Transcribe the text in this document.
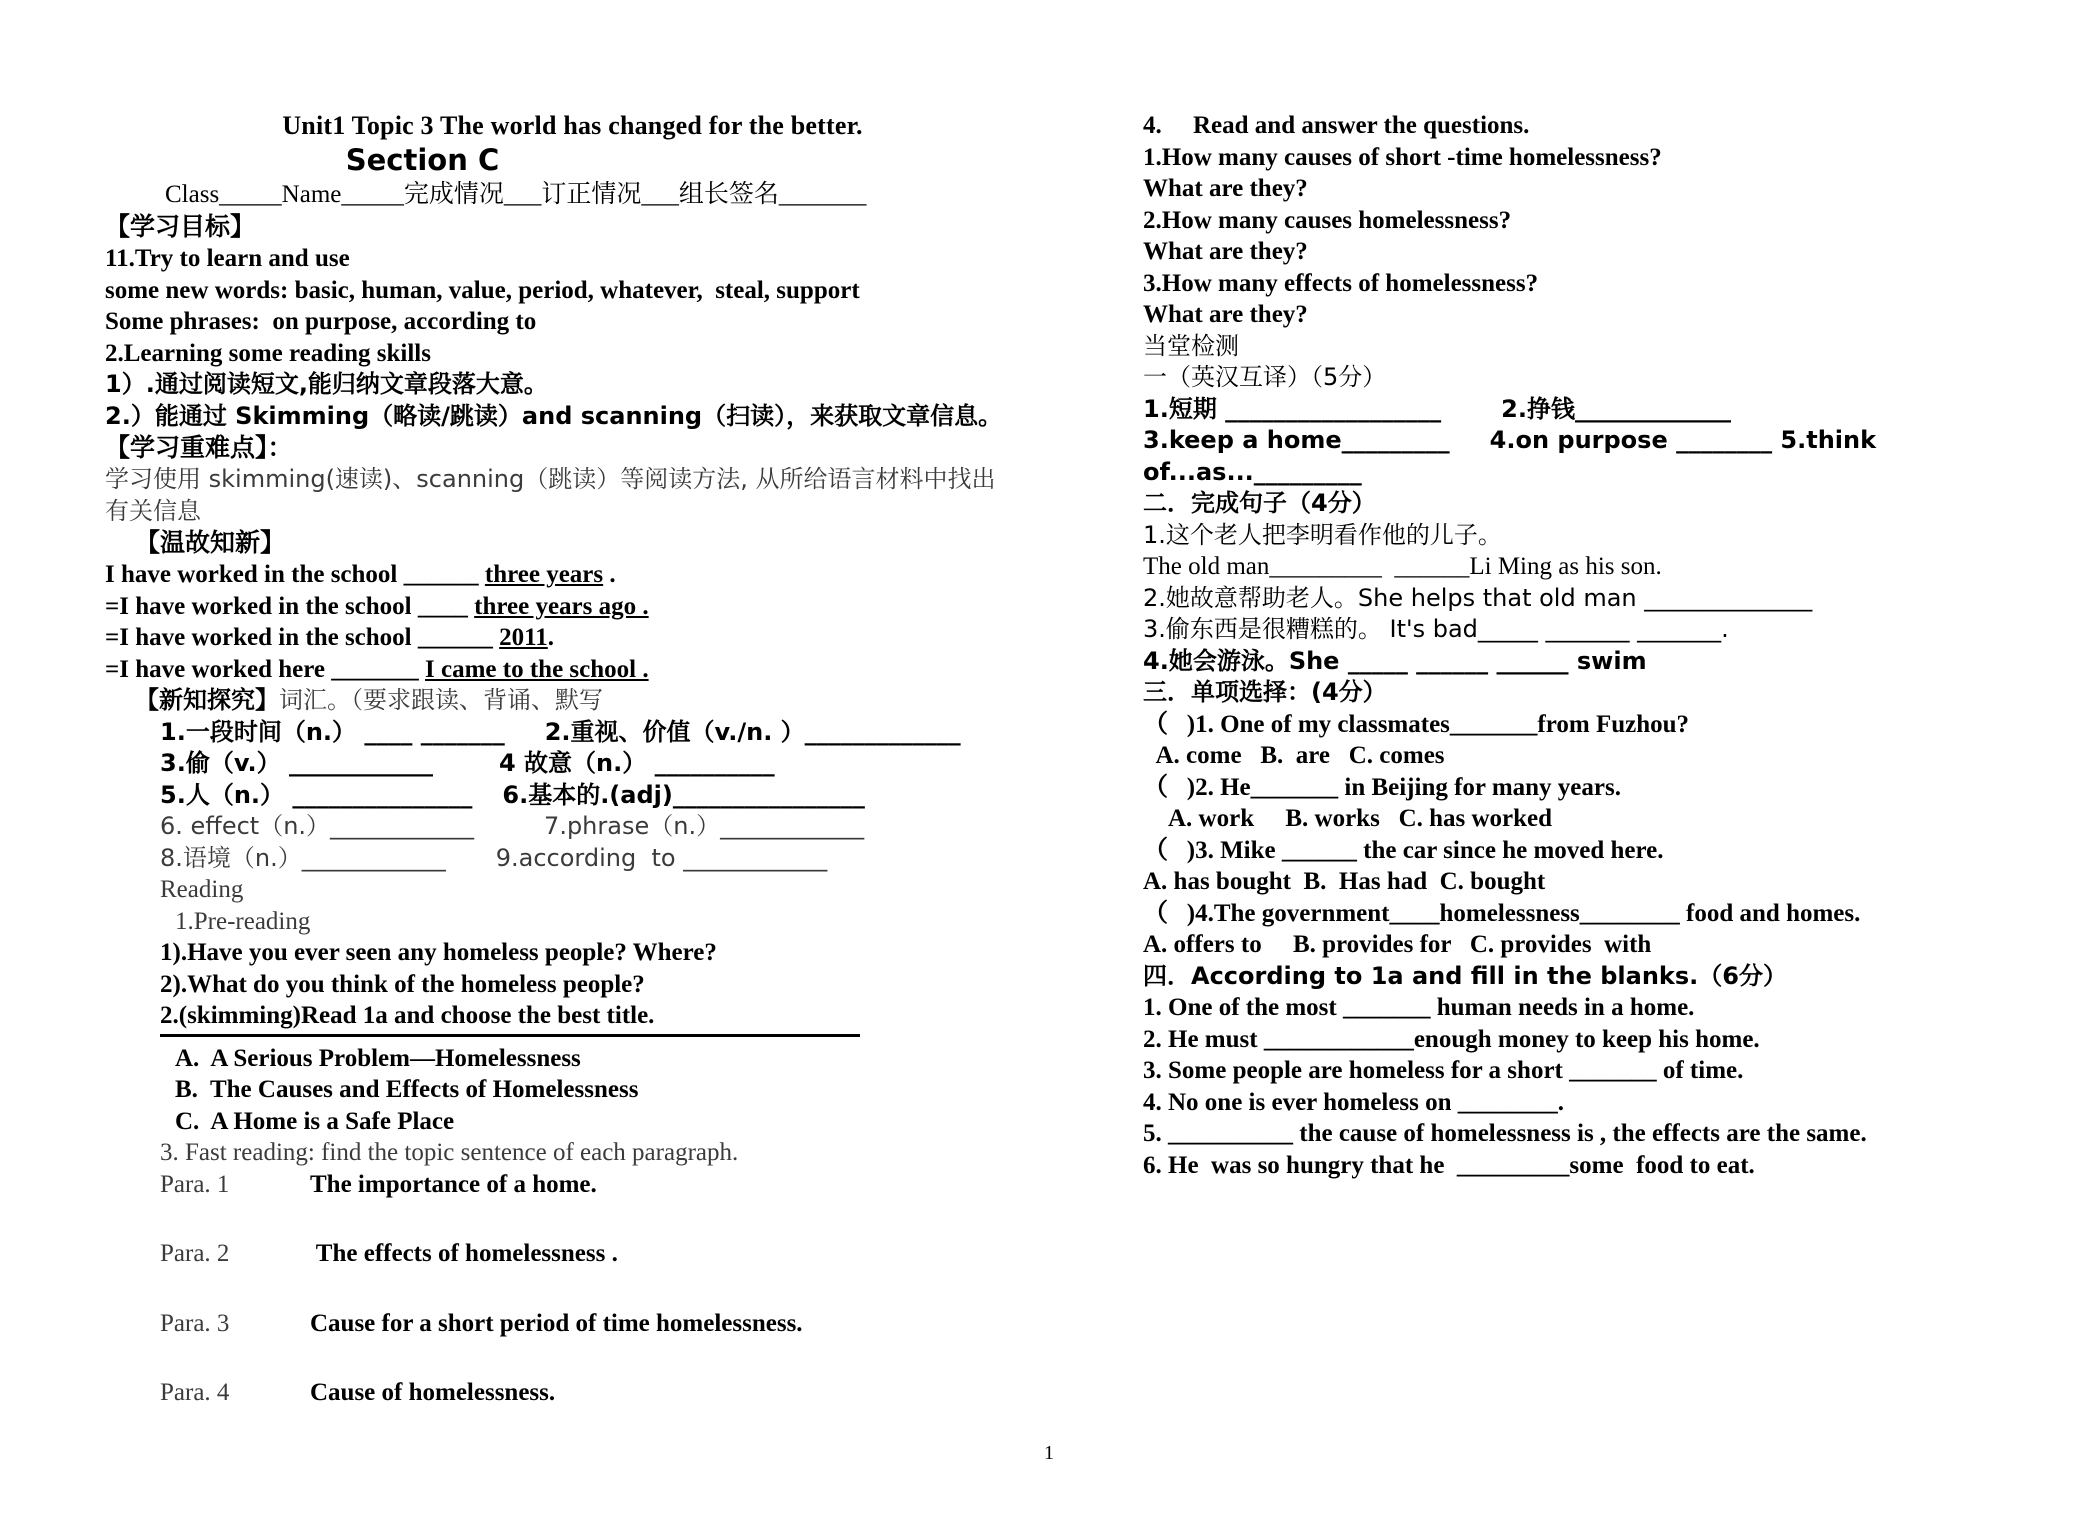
Unit1 Topic 3 The world has changed for the better.
Section C
Class_____Name_____完成情况___订正情况___组长签名_______
【学习目标】
11.Try to learn and use
some new words: basic, human, value, period, whatever,  steal, support
Some phrases:  on purpose, according to
2.Learning some reading skills
1）.通过阅读短文,能归纳文章段落大意。
2.）能通过 Skimming（略读/跳读）and scanning（扫读），来获取文章信息。
【学习重难点】：
学习使用 skimming(速读)、scanning（跳读）等阅读方法, 从所给语言材料中找出
有关信息
【温故知新】
I have worked in the school ______ three years .
=I have worked in the school ____ three years ago .
=I have worked in the school ______ 2011.
=I have worked here _______ I came to the school .
【新知探究】词汇。（要求跟读、背诵、默写
1.一段时间（n.） ____ _______ 2.重视、价值（v./n. ）_____________
3.偷（v.） ____________	4 故意（n.） __________
5.人（n.） _______________ 6.基本的.(adj)________________
6. effect（n.）____________	7.phrase（n.）____________
8.语境（n.）____________ 9.according  to ____________
Reading
1.Pre-reading
1).Have you ever seen any homeless people? Where?
2).What do you think of the homeless people?
2.(skimming)Read 1a and choose the best title.
A.  A Serious Problem—Homelessness
B.  The Causes and Effects of Homelessness
C.  A Home is a Safe Place
3. Fast reading: find the topic sentence of each paragraph.
Para. 1	The importance of a home.
Para. 2	The effects of homelessness .
Para. 3	Cause for a short period of time homelessness.
Para. 4	Cause of homelessness.
4.     Read and answer the questions.
1.How many causes of short -time homelessness?
What are they?
2.How many causes homelessness?
What are they?
3.How many effects of homelessness?
What are they?
当堂检测
一（英汉互译）（5分）
1.短期 __________________	2.挣钱_____________
3.keep a home_________ 4.on purpose ________ 5.think of...as..._________
二．完成句子（4分）
1.这个老人把李明看作他的儿子。
The old man_________  ______Li Ming as his son.
2.她故意帮助老人。She helps that old man ______________
3.偷东西是很糟糕的。 It's bad_____ _______ _______.
4.她会游泳。She _____ ______ ______ swim
三．单项选择：(4分）
（   )1. One of my classmates_______from Fuzhou?
A. come   B.  are   C. comes
（   )2. He_______ in Beijing for many years.
A. work     B. works   C. has worked
（   )3. Mike ______ the car since he moved here.
A. has bought  B.  Has had  C. bought
（   )4.The government____homelessness________ food and homes.
A. offers to     B. provides for   C. provides  with
四．According to 1a and fill in the blanks.（6分）
1. One of the most _______ human needs in a home.
2. He must ____________enough money to keep his home.
3. Some people are homeless for a short _______ of time.
4. No one is ever homeless on ________.
5. __________ the cause of homelessness is , the effects are the same.
6. He  was so hungry that he  _________some  food to eat.
1
